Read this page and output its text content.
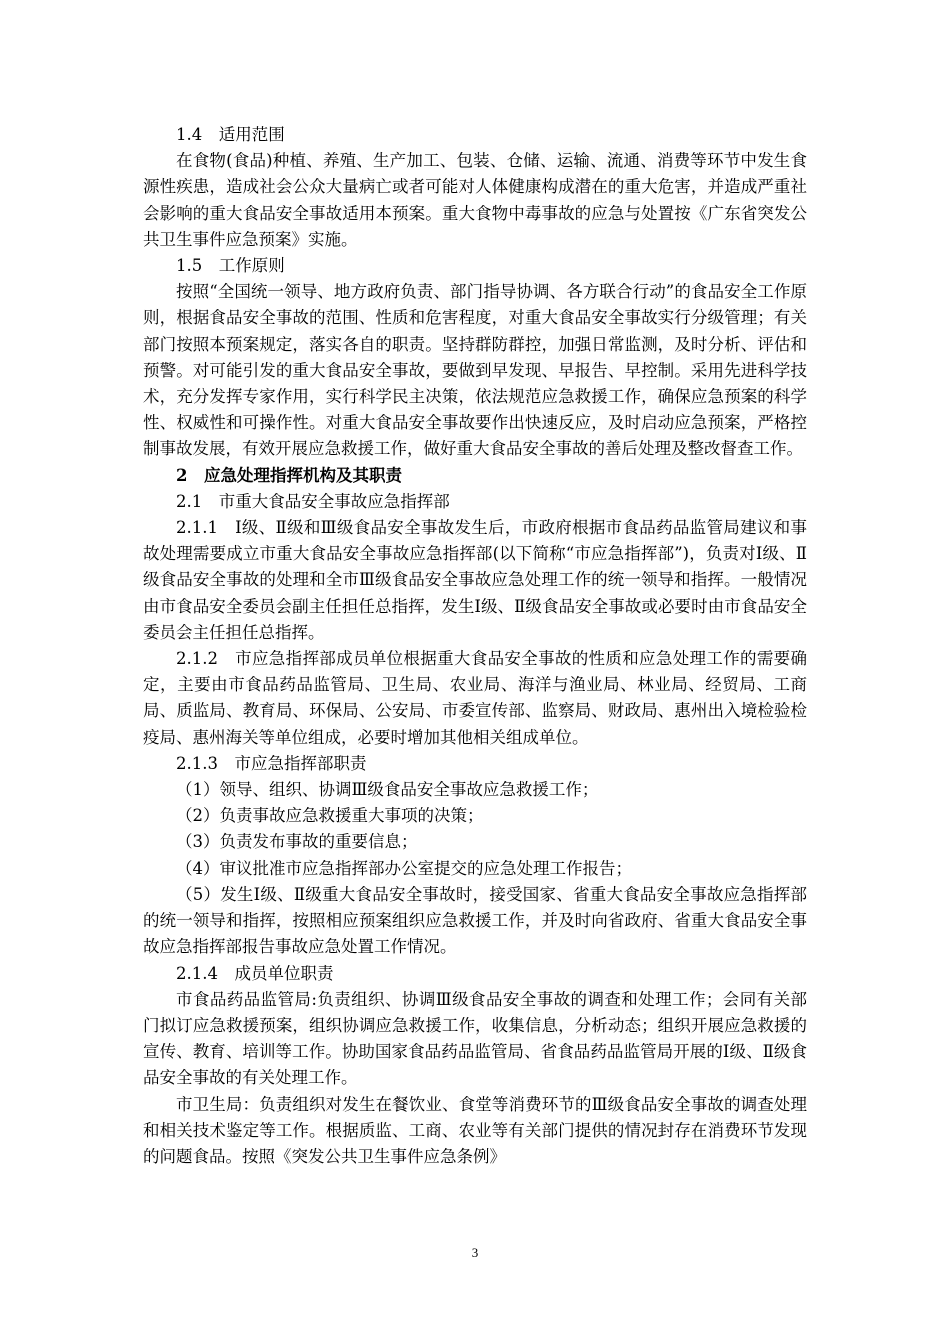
1.4　适用范围
在食物(食品)种植、养殖、生产加工、包装、仓储、运输、流通、消费等环节中发生食源性疾患，造成社会公众大量病亡或者可能对人体健康构成潜在的重大危害，并造成严重社会影响的重大食品安全事故适用本预案。重大食物中毒事故的应急与处置按《广东省突发公共卫生事件应急预案》实施。
1.5　工作原则
按照“全国统一领导、地方政府负责、部门指导协调、各方联合行动”的食品安全工作原则，根据食品安全事故的范围、性质和危害程度，对重大食品安全事故实行分级管理；有关部门按照本预案规定，落实各自的职责。坚持群防群控，加强日常监测，及时分析、评估和预警。对可能引发的重大食品安全事故，要做到早发现、早报告、早控制。采用先进科学技术，充分发挥专家作用，实行科学民主决策，依法规范应急救援工作，确保应急预案的科学性、权威性和可操作性。对重大食品安全事故要作出快速反应，及时启动应急预案，严格控制事故发展，有效开展应急救援工作，做好重大食品安全事故的善后处理及整改督查工作。
2　应急处理指挥机构及其职责
2.1　市重大食品安全事故应急指挥部
2.1.1　Ⅰ级、Ⅱ级和Ⅲ级食品安全事故发生后，市政府根据市食品药品监管局建议和事故处理需要成立市重大食品安全事故应急指挥部(以下简称“市应急指挥部”)，负责对Ⅰ级、Ⅱ级食品安全事故的处理和全市Ⅲ级食品安全事故应急处理工作的统一领导和指挥。一般情况由市食品安全委员会副主任担任总指挥，发生Ⅰ级、Ⅱ级食品安全事故或必要时由市食品安全委员会主任担任总指挥。
2.1.2　市应急指挥部成员单位根据重大食品安全事故的性质和应急处理工作的需要确定，主要由市食品药品监管局、卫生局、农业局、海洋与渔业局、林业局、经贸局、工商局、质监局、教育局、环保局、公安局、市委宣传部、监察局、财政局、惠州出入境检验检疫局、惠州海关等单位组成，必要时增加其他相关组成单位。
2.1.3　市应急指挥部职责
（1）领导、组织、协调Ⅲ级食品安全事故应急救援工作；
（2）负责事故应急救援重大事项的决策；
（3）负责发布事故的重要信息；
（4）审议批准市应急指挥部办公室提交的应急处理工作报告；
（5）发生Ⅰ级、Ⅱ级重大食品安全事故时，接受国家、省重大食品安全事故应急指挥部的统一领导和指挥，按照相应预案组织应急救援工作，并及时向省政府、省重大食品安全事故应急指挥部报告事故应急处置工作情况。
2.1.4　成员单位职责
市食品药品监管局:负责组织、协调Ⅲ级食品安全事故的调查和处理工作；会同有关部门拟订应急救援预案，组织协调应急救援工作，收集信息，分析动态；组织开展应急救援的宣传、教育、培训等工作。协助国家食品药品监管局、省食品药品监管局开展的Ⅰ级、Ⅱ级食品安全事故的有关处理工作。
市卫生局：负责组织对发生在餐饮业、食堂等消费环节的Ⅲ级食品安全事故的调查处理和相关技术鉴定等工作。根据质监、工商、农业等有关部门提供的情况封存在消费环节发现的问题食品。按照《突发公共卫生事件应急条例》
3
